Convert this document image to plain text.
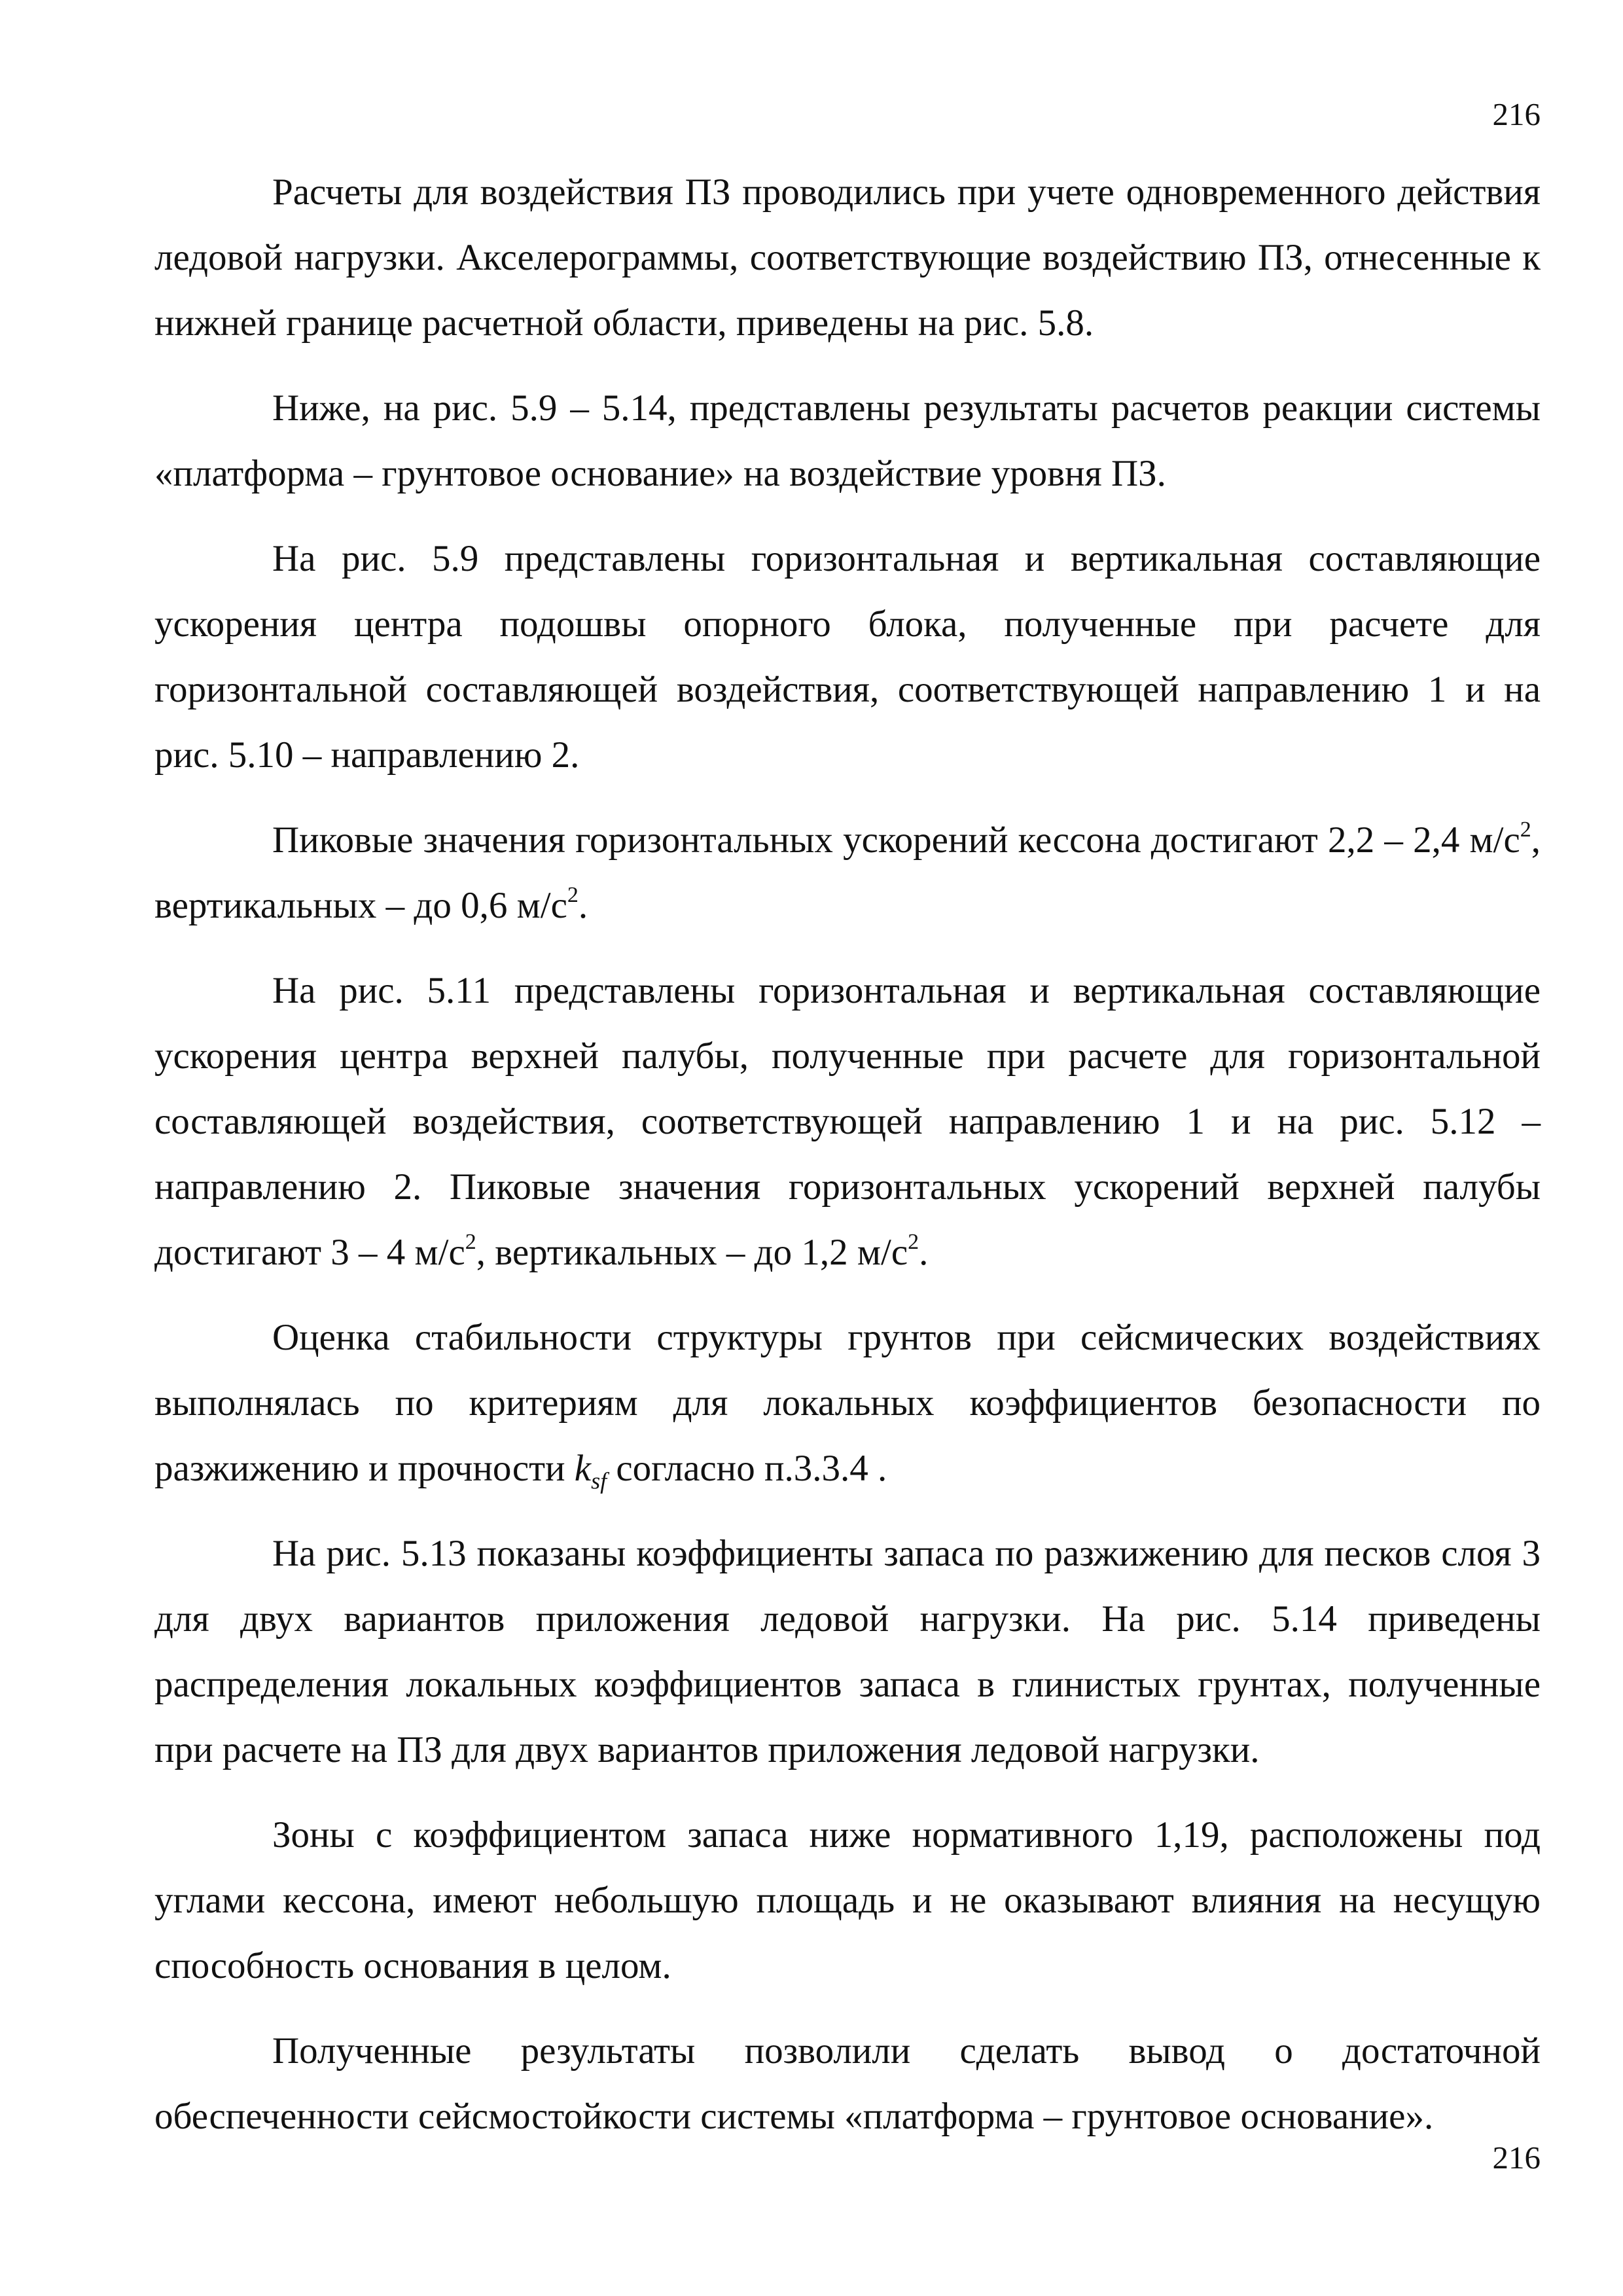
216

Расчеты для воздействия ПЗ проводились при учете одновременного действия ледовой нагрузки. Акселерограммы, соответствующие воздействию ПЗ, отнесенные к нижней границе расчетной области, приведены на рис. 5.8.

Ниже, на рис. 5.9 – 5.14, представлены результаты расчетов реакции системы «платформа – грунтовое основание» на воздействие уровня ПЗ.

На рис. 5.9 представлены горизонтальная и вертикальная составляющие ускорения центра подошвы опорного блока, полученные при расчете для горизонтальной составляющей воздействия, соответствующей направлению 1 и на рис. 5.10 – направлению 2.

Пиковые значения горизонтальных ускорений кессона достигают 2,2 – 2,4 $м/с^2$, вертикальных – до 0,6 $м/с^2$.

На рис. 5.11 представлены горизонтальная и вертикальная составляющие ускорения центра верхней палубы, полученные при расчете для горизонтальной составляющей воздействия, соответствующей направлению 1 и на рис. 5.12 – направлению 2. Пиковые значения горизонтальных ускорений верхней палубы достигают 3 – 4 $м/с^2$, вертикальных – до 1,2 $м/с^2$.

Оценка стабильности структуры грунтов при сейсмических воздействиях выполнялась по критериям для локальных коэффициентов безопасности по разжижению и прочности $k_{sf}$ согласно п.3.3.4 .

На рис. 5.13 показаны коэффициенты запаса по разжижению для песков слоя 3 для двух вариантов приложения ледовой нагрузки. На рис. 5.14 приведены распределения локальных коэффициентов запаса в глинистых грунтах, полученные при расчете на ПЗ для двух вариантов приложения ледовой нагрузки.

Зоны с коэффициентом запаса ниже нормативного 1,19, расположены под углами кессона, имеют небольшую площадь и не оказывают влияния на несущую способность основания в целом.

Полученные результаты позволили сделать вывод о достаточной обеспеченности сейсмостойкости системы «платформа – грунтовое основание».

216
